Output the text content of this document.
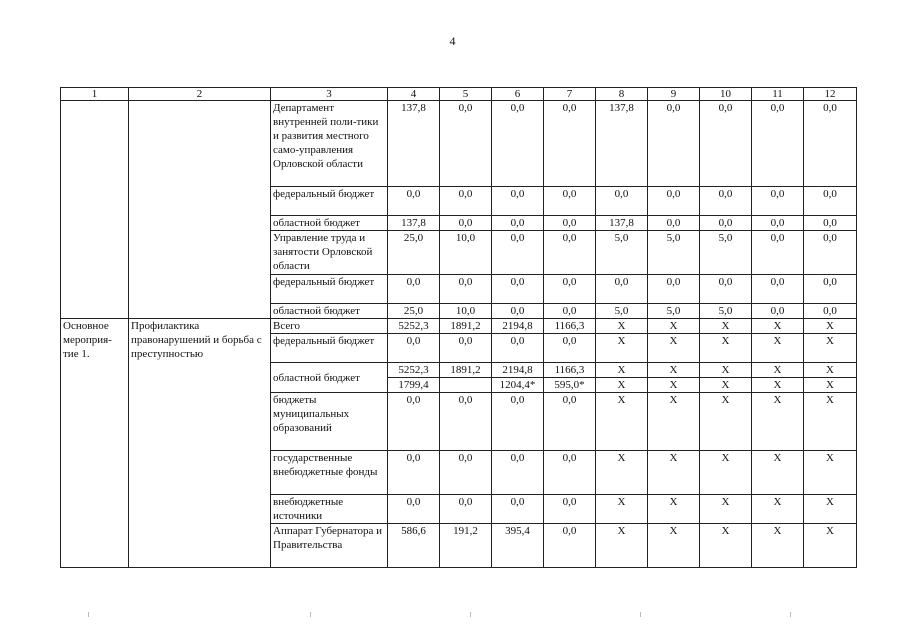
4
1	2	3	4	5	6	7	8	9	10	11	12
		Департамент внутренней поли-тики и развития местного само-управления Орловской области	137,8	0,0	0,0	0,0	137,8	0,0	0,0	0,0	0,0
		федеральный бюджет	0,0	0,0	0,0	0,0	0,0	0,0	0,0	0,0	0,0
		областной бюджет	137,8	0,0	0,0	0,0	137,8	0,0	0,0	0,0	0,0
		Управление труда и занятости Орловской области	25,0	10,0	0,0	0,0	5,0	5,0	5,0	0,0	0,0
		федеральный бюджет	0,0	0,0	0,0	0,0	0,0	0,0	0,0	0,0	0,0
		областной бюджет	25,0	10,0	0,0	0,0	5,0	5,0	5,0	0,0	0,0
Основное мероприя-тие 1.	Профилактика правонарушений и борьба с преступностью	Всего	5252,3	1891,2	2194,8	1166,3	Х	Х	Х	Х	Х
		федеральный бюджет	0,0	0,0	0,0	0,0	Х	Х	Х	Х	Х
		областной бюджет	5252,3	1891,2	2194,8	1166,3	Х	Х	Х	Х	Х
			1799,4		1204,4*	595,0*	Х	Х	Х	Х	Х
		бюджеты муниципальных образований	0,0	0,0	0,0	0,0	Х	Х	Х	Х	Х
		государственные внебюджетные фонды	0,0	0,0	0,0	0,0	Х	Х	Х	Х	Х
		внебюджетные источники	0,0	0,0	0,0	0,0	Х	Х	Х	Х	Х
		Аппарат Губернатора и Правительства	586,6	191,2	395,4	0,0	Х	Х	Х	Х	Х
